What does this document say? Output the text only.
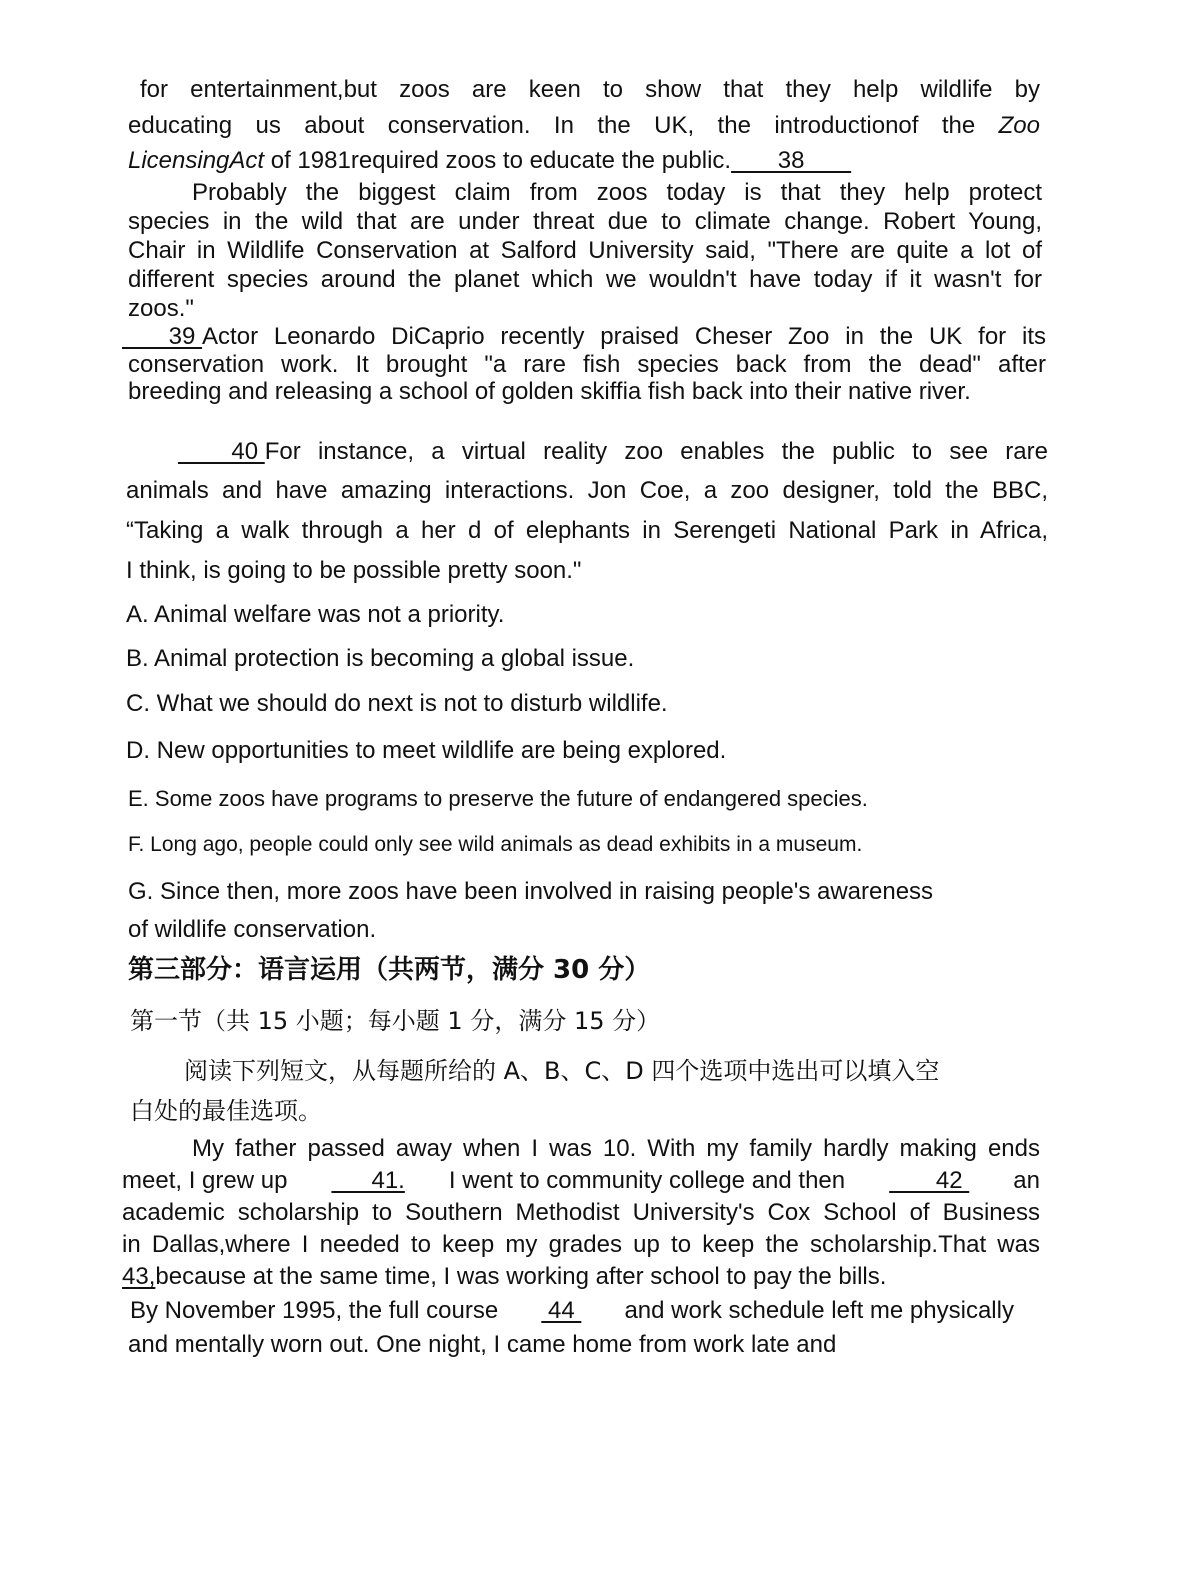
for entertainment,but zoos are keen to show that they help wildlife by
educating us about conservation. In the UK, the introductionof the Zoo
LicensingAct of 1981required zoos to educate the public.       38
Probably the biggest claim from zoos today is that they help protect
species in the wild that are under threat due to climate change. Robert Young,
Chair in Wildlife Conservation at Salford University said, "There are quite a lot of
different species around the planet which we wouldn't have today if it wasn't for
zoos."
39 Actor Leonardo DiCaprio recently praised Cheser Zoo in the UK for its
conservation work. It brought "a rare fish species back from the dead" after
breeding and releasing a school of golden skiffia fish back into their native river.
40 For instance, a virtual reality zoo enables the public to see rare
animals and have amazing interactions. Jon Coe, a zoo designer, told the BBC,
“Taking a walk through a her d of elephants in Serengeti National Park in Africa,
I think, is going to be possible pretty soon."
A. Animal welfare was not a priority.
B. Animal protection is becoming a global issue.
C. What we should do next is not to disturb wildlife.
D. New opportunities to meet wildlife are being explored.
E. Some zoos have programs to preserve the future of endangered species.
F. Long ago, people could only see wild animals as dead exhibits in a museum.
G. Since then, more zoos have been involved in raising people's awareness
of wildlife conservation.
第三部分：语言运用（共两节，满分 30 分）
第一节（共 15 小题；每小题 1 分，满分 15 分）
阅读下列短文，从每题所给的 A、B、C、D 四个选项中选出可以填入空
白处的最佳选项。
My father passed away when I was 10. With my family hardly making ends
meet, I grew up 41. I went to community college and then 42 an
academic scholarship to Southern Methodist University's Cox School of Business
in Dallas,where I needed to keep my grades up to keep the scholarship.That was
43,because at the same time, I was working after school to pay the bills.
By November 1995, the full course 44 and work schedule left me physically
and mentally worn out. One night, I came home from work late and
